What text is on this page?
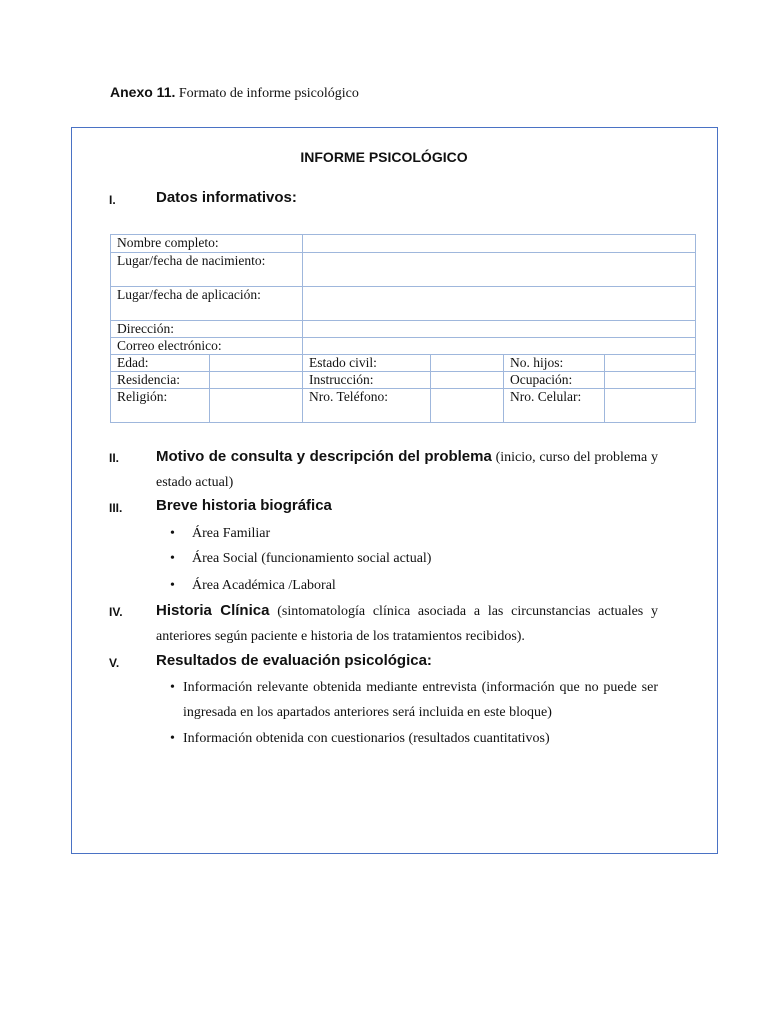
Anexo 11. Formato de informe psicológico
INFORME PSICOLÓGICO
I.	Datos informativos:
Nombre completo:					
Lugar/fecha de nacimiento:					
Lugar/fecha de aplicación:					
Dirección:					
Correo electrónico:					
Edad:		Estado civil:		No. hijos:	
Residencia:		Instrucción:		Ocupación:	
Religión:		Nro. Teléfono:		Nro. Celular:	
II. Motivo de consulta y descripción del problema (inicio, curso del problema y estado actual)
III. Breve historia biográfica
• Área Familiar
• Área Social (funcionamiento social actual)
• Área Académica /Laboral
IV. Historia Clínica (sintomatología clínica asociada a las circunstancias actuales y anteriores según paciente e historia de los tratamientos recibidos).
V. Resultados de evaluación psicológica:
• Información relevante obtenida mediante entrevista (información que no puede ser ingresada en los apartados anteriores será incluida en este bloque)
• Información obtenida con cuestionarios (resultados cuantitativos)
